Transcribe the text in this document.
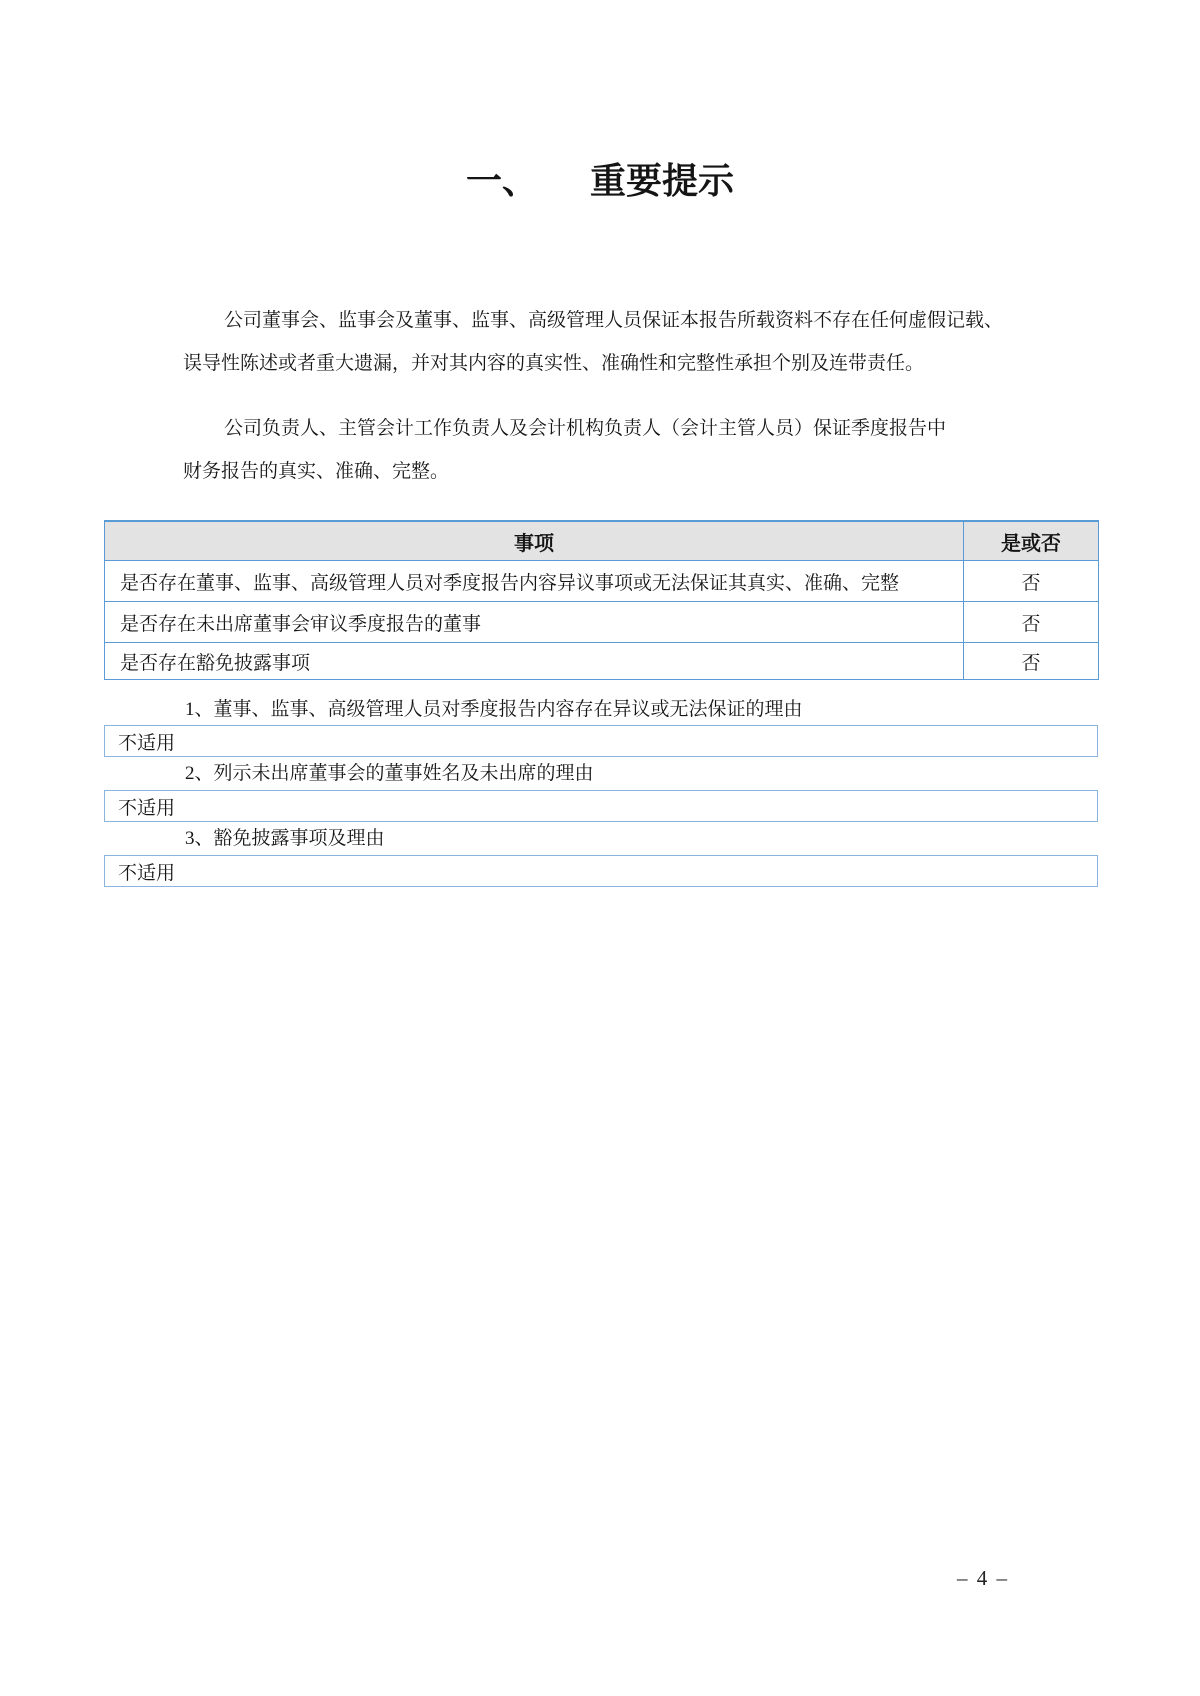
一、 重要提示
公司董事会、监事会及董事、监事、高级管理人员保证本报告所载资料不存在任何虚假记载、
误导性陈述或者重大遗漏，并对其内容的真实性、准确性和完整性承担个别及连带责任。
公司负责人、主管会计工作负责人及会计机构负责人（会计主管人员）保证季度报告中
财务报告的真实、准确、完整。
事项	是或否
是否存在董事、监事、高级管理人员对季度报告内容异议事项或无法保证其真实、准确、完整	否
是否存在未出席董事会审议季度报告的董事	否
是否存在豁免披露事项	否
1、董事、监事、高级管理人员对季度报告内容存在异议或无法保证的理由
不适用
2、列示未出席董事会的董事姓名及未出席的理由
不适用
3、豁免披露事项及理由
不适用
– 4 –
